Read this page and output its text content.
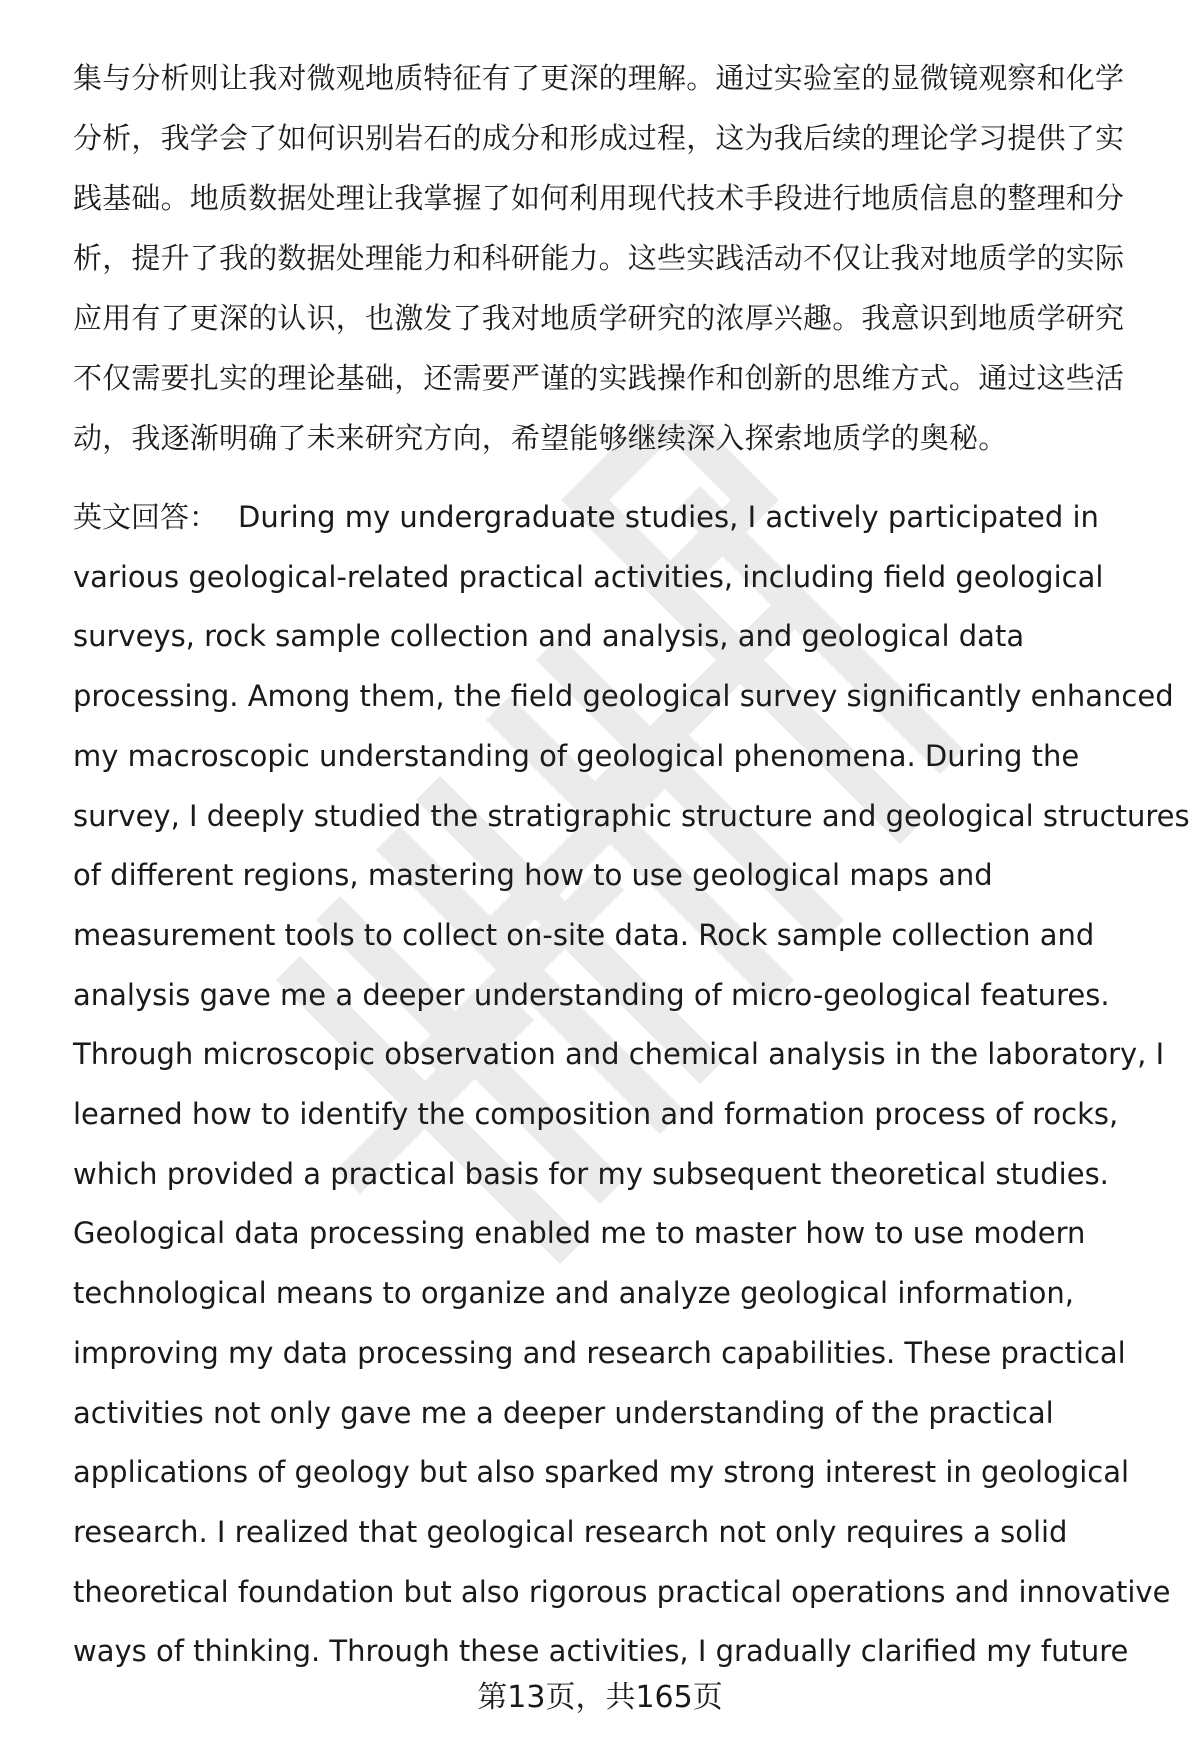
集与分析则让我对微观地质特征有了更深的理解。通过实验室的显微镜观察和化学
分析，我学会了如何识别岩石的成分和形成过程，这为我后续的理论学习提供了实
践基础。地质数据处理让我掌握了如何利用现代技术手段进行地质信息的整理和分
析，提升了我的数据处理能力和科研能力。这些实践活动不仅让我对地质学的实际
应用有了更深的认识，也激发了我对地质学研究的浓厚兴趣。我意识到地质学研究
不仅需要扎实的理论基础，还需要严谨的实践操作和创新的思维方式。通过这些活
动，我逐渐明确了未来研究方向，希望能够继续深入探索地质学的奥秘。

英文回答： During my undergraduate studies, I actively participated in
various geological-related practical activities, including field geological
surveys, rock sample collection and analysis, and geological data
processing. Among them, the field geological survey significantly enhanced
my macroscopic understanding of geological phenomena. During the
survey, I deeply studied the stratigraphic structure and geological structures
of different regions, mastering how to use geological maps and
measurement tools to collect on-site data. Rock sample collection and
analysis gave me a deeper understanding of micro-geological features.
Through microscopic observation and chemical analysis in the laboratory, I
learned how to identify the composition and formation process of rocks,
which provided a practical basis for my subsequent theoretical studies.
Geological data processing enabled me to master how to use modern
technological means to organize and analyze geological information,
improving my data processing and research capabilities. These practical
activities not only gave me a deeper understanding of the practical
applications of geology but also sparked my strong interest in geological
research. I realized that geological research not only requires a solid
theoretical foundation but also rigorous practical operations and innovative
ways of thinking. Through these activities, I gradually clarified my future

第13页，共165页
